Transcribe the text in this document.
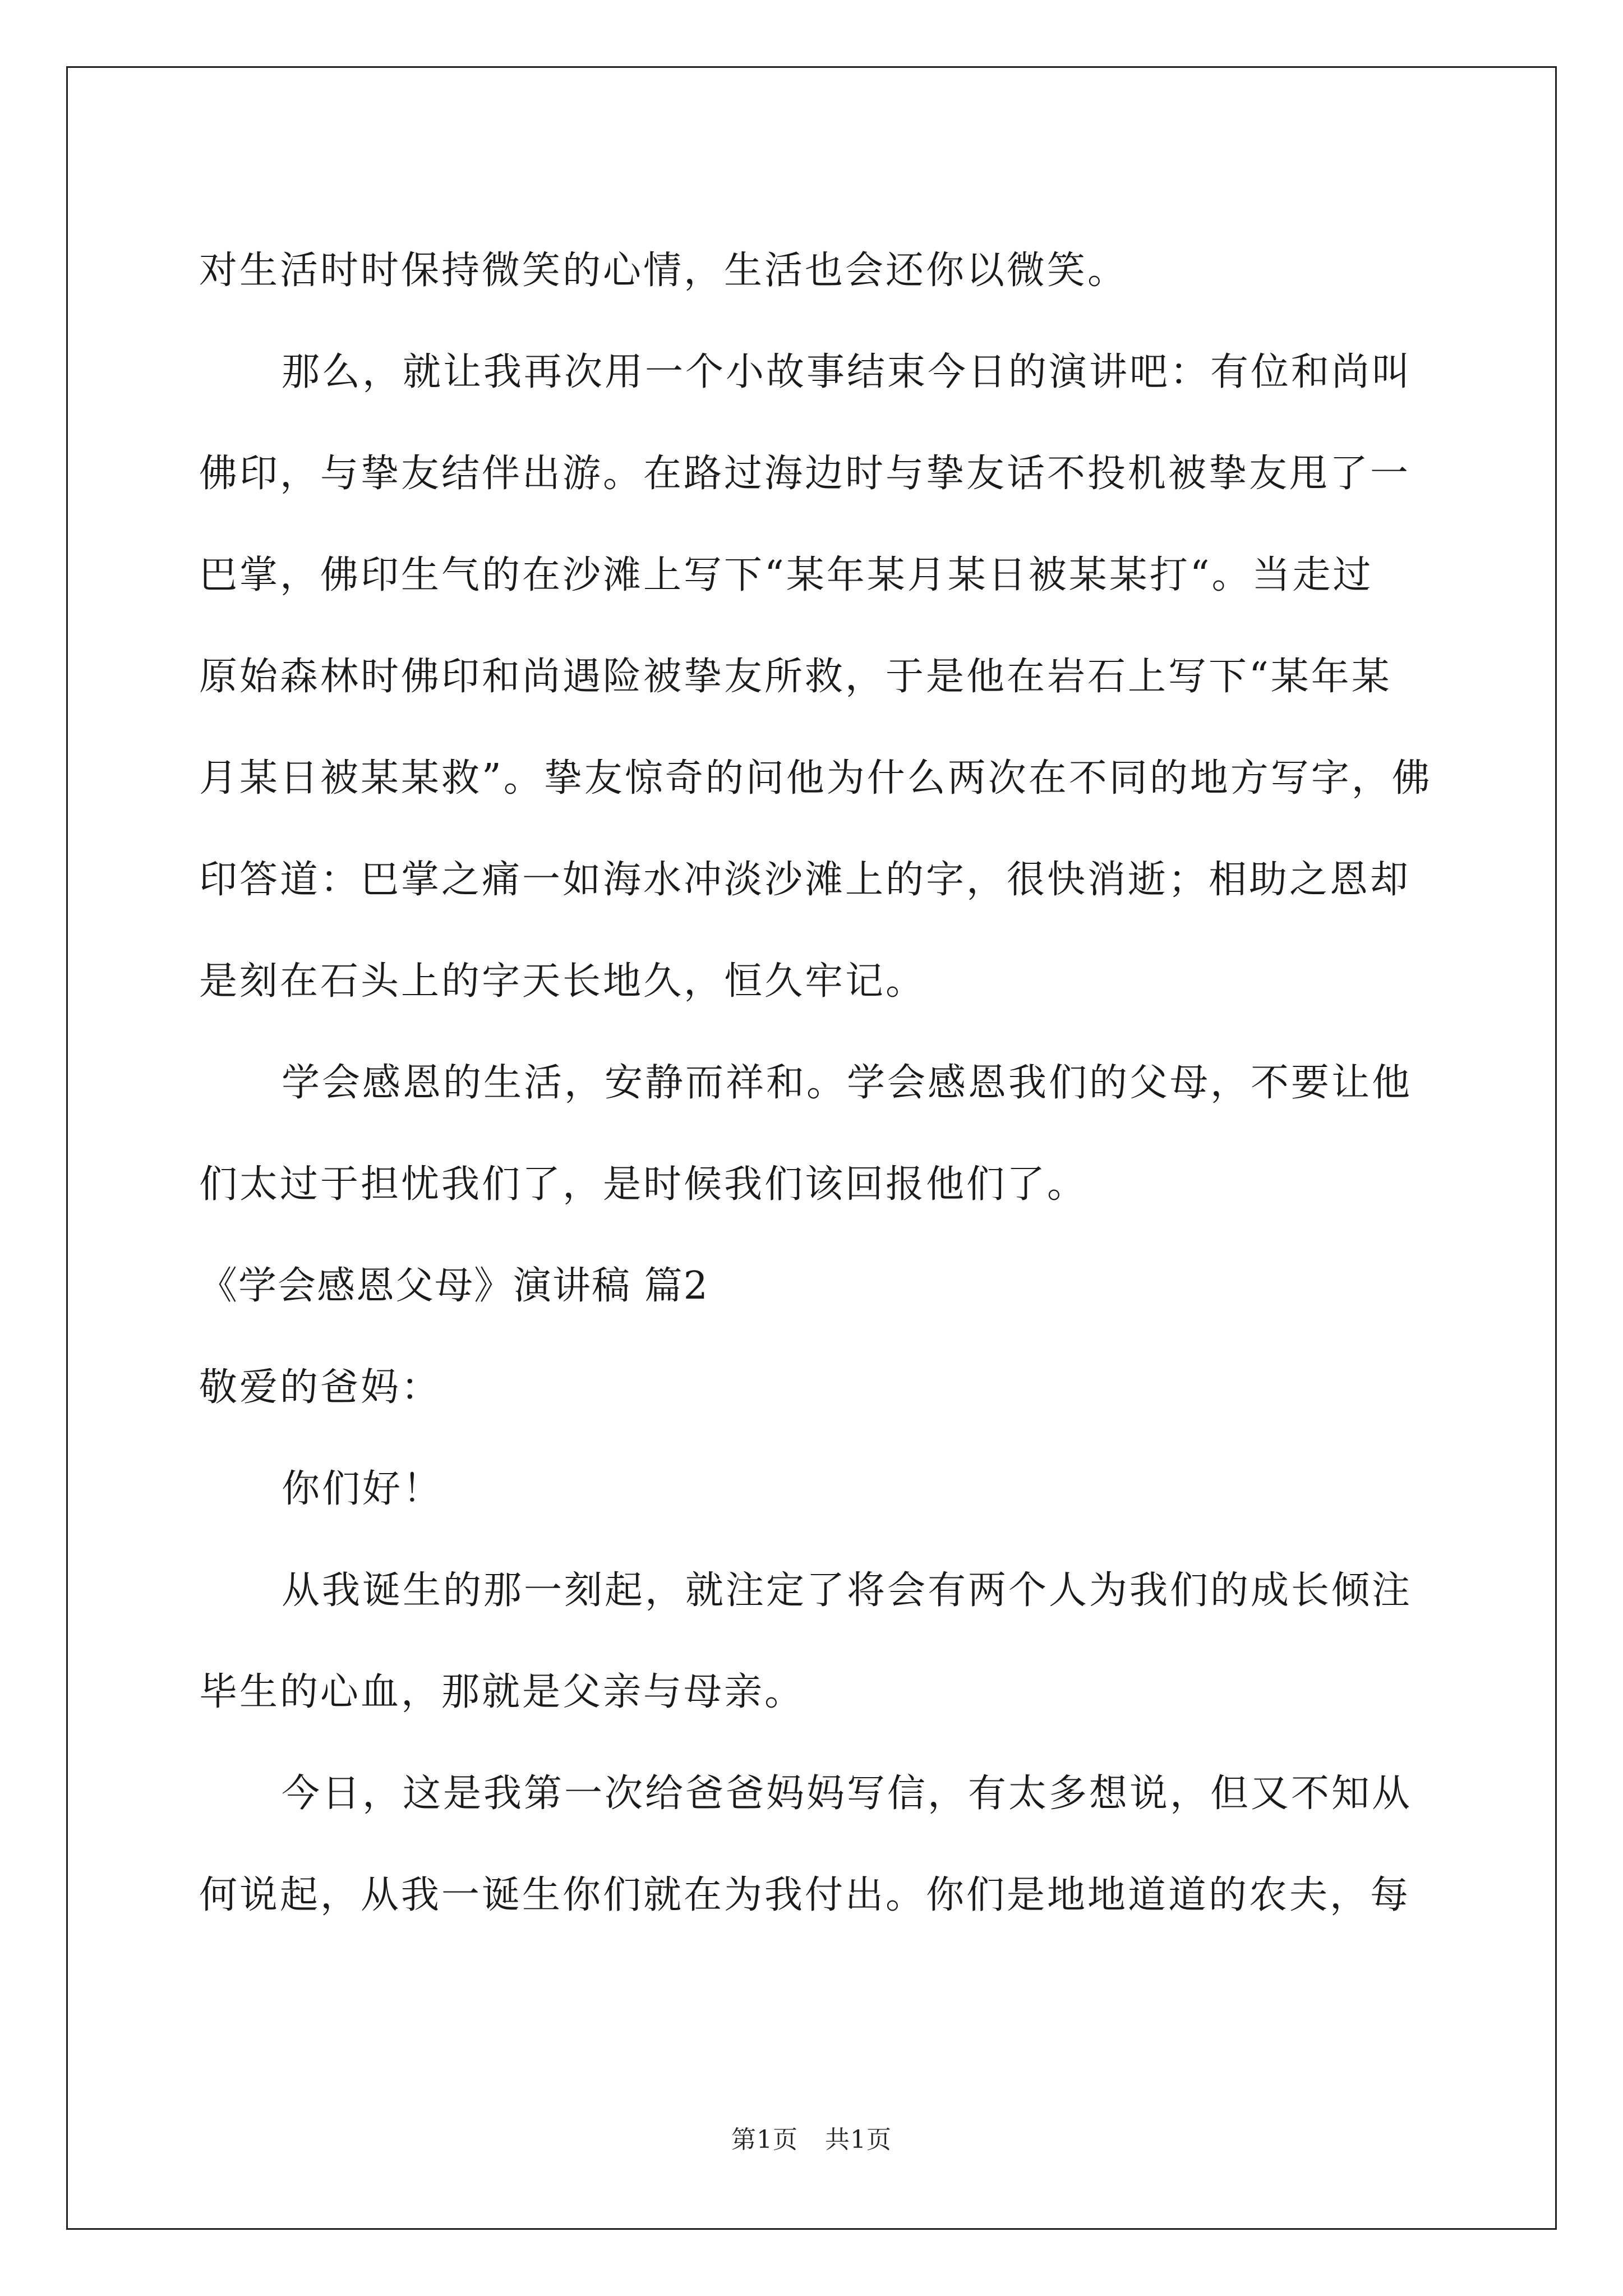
对生活时时保持微笑的心情，生活也会还你以微笑。

那么，就让我再次用一个小故事结束今日的演讲吧：有位和尚叫

佛印，与挚友结伴出游。在路过海边时与挚友话不投机被挚友甩了一

巴掌，佛印生气的在沙滩上写下“某年某月某日被某某打“。当走过

原始森林时佛印和尚遇险被挚友所救，于是他在岩石上写下“某年某

月某日被某某救”。挚友惊奇的问他为什么两次在不同的地方写字，佛

印答道：巴掌之痛一如海水冲淡沙滩上的字，很快消逝；相助之恩却

是刻在石头上的字天长地久，恒久牢记。

学会感恩的生活，安静而祥和。学会感恩我们的父母，不要让他

们太过于担忧我们了，是时候我们该回报他们了。

《学会感恩父母》演讲稿 篇2

敬爱的爸妈：

你们好！

从我诞生的那一刻起，就注定了将会有两个人为我们的成长倾注

毕生的心血，那就是父亲与母亲。

今日，这是我第一次给爸爸妈妈写信，有太多想说，但又不知从

何说起，从我一诞生你们就在为我付出。你们是地地道道的农夫，每

第1页 共1页
